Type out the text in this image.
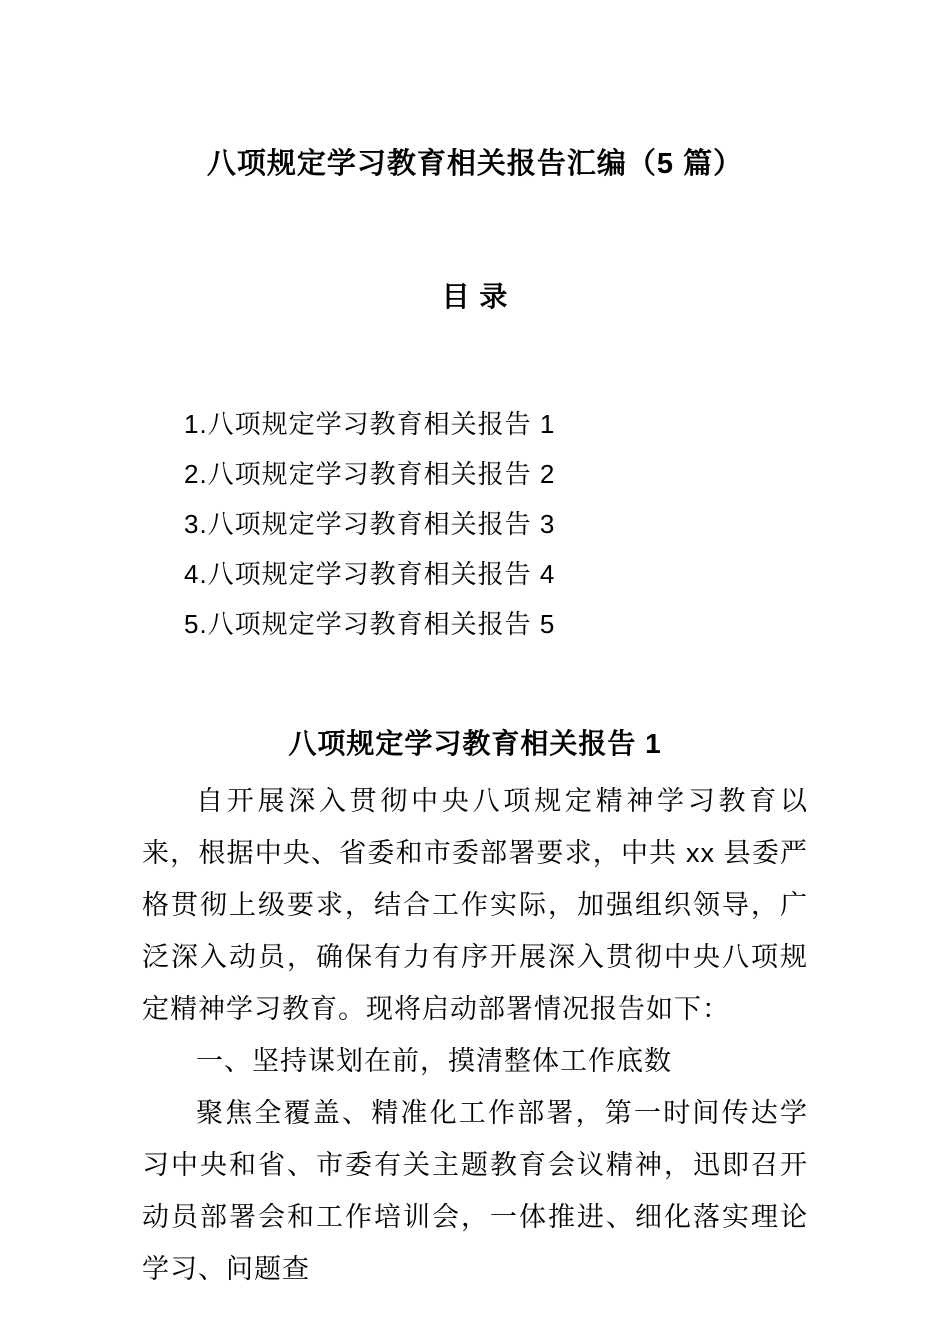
八项规定学习教育相关报告汇编（5 篇）
目 录
1.八项规定学习教育相关报告 1
2.八项规定学习教育相关报告 2
3.八项规定学习教育相关报告 3
4.八项规定学习教育相关报告 4
5.八项规定学习教育相关报告 5
八项规定学习教育相关报告 1

自开展深入贯彻中央八项规定精神学习教育以来，根据中央、省委和市委部署要求，中共 xx 县委严格贯彻上级要求，结合工作实际，加强组织领导，广泛深入动员，确保有力有序开展深入贯彻中央八项规定精神学习教育。现将启动部署情况报告如下：

一、坚持谋划在前，摸清整体工作底数

聚焦全覆盖、精准化工作部署，第一时间传达学习中央和省、市委有关主题教育会议精神，迅即召开动员部署会和工作培训会，一体推进、细化落实理论学习、问题查
